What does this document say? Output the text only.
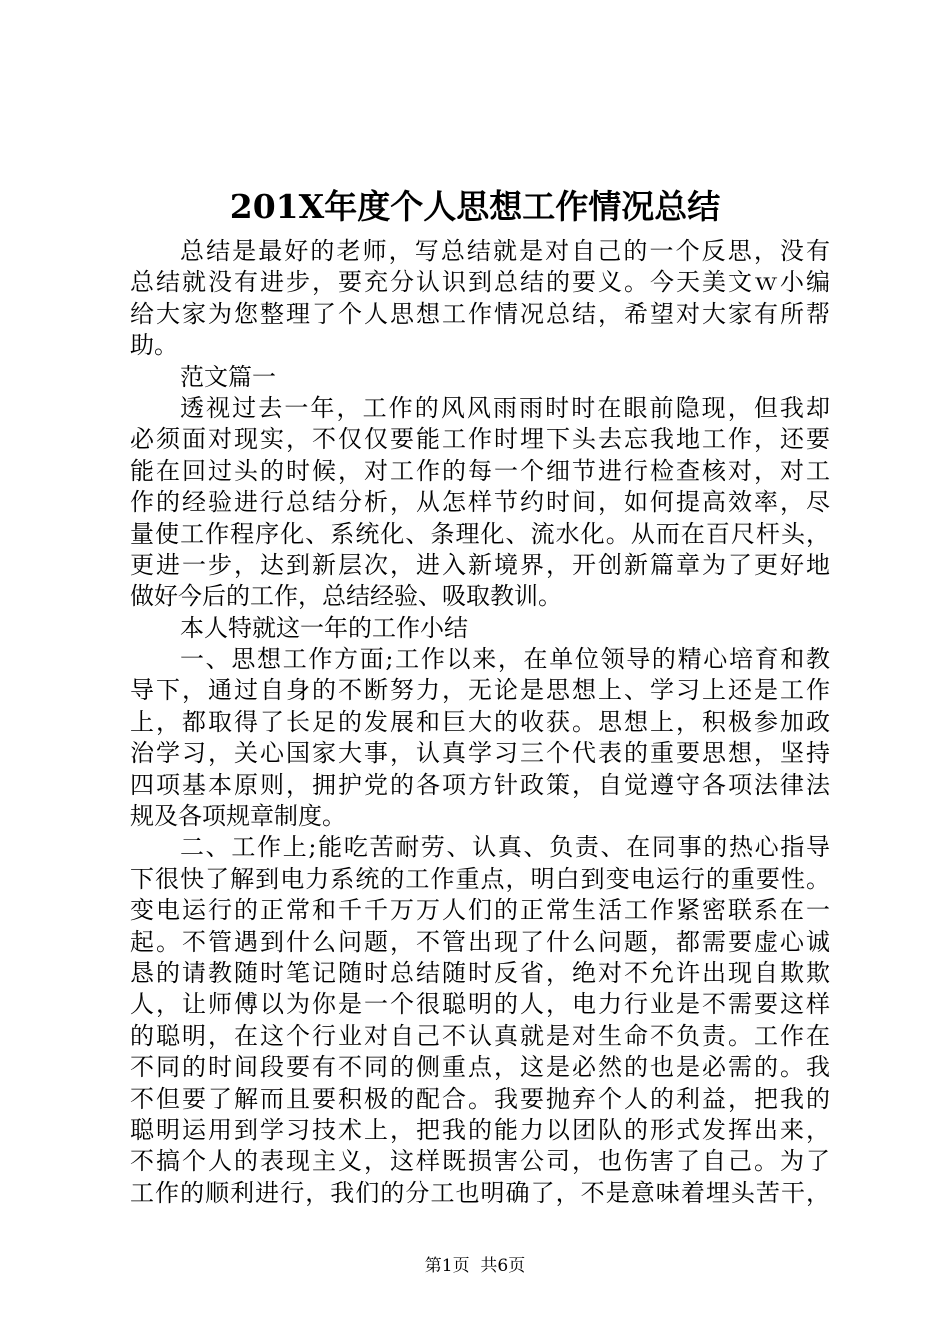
201X年度个人思想工作情况总结
总结是最好的老师，写总结就是对自己的一个反思，没有
总结就没有进步，要充分认识到总结的要义。今天美文ｗ小编
给大家为您整理了个人思想工作情况总结，希望对大家有所帮
助。
范文篇一
透视过去一年，工作的风风雨雨时时在眼前隐现，但我却
必须面对现实，不仅仅要能工作时埋下头去忘我地工作，还要
能在回过头的时候，对工作的每一个细节进行检查核对，对工
作的经验进行总结分析，从怎样节约时间，如何提高效率，尽
量使工作程序化、系统化、条理化、流水化。从而在百尺杆头，
更进一步，达到新层次，进入新境界，开创新篇章为了更好地
做好今后的工作，总结经验、吸取教训。
本人特就这一年的工作小结
一、思想工作方面;工作以来，在单位领导的精心培育和教
导下，通过自身的不断努力，无论是思想上、学习上还是工作
上，都取得了长足的发展和巨大的收获。思想上，积极参加政
治学习，关心国家大事，认真学习三个代表的重要思想，坚持
四项基本原则，拥护党的各项方针政策，自觉遵守各项法律法
规及各项规章制度。
二、工作上;能吃苦耐劳、认真、负责、在同事的热心指导
下很快了解到电力系统的工作重点，明白到变电运行的重要性。
变电运行的正常和千千万万人们的正常生活工作紧密联系在一
起。不管遇到什么问题，不管出现了什么问题，都需要虚心诚
恳的请教随时笔记随时总结随时反省，绝对不允许出现自欺欺
人，让师傅以为你是一个很聪明的人，电力行业是不需要这样
的聪明，在这个行业对自己不认真就是对生命不负责。工作在
不同的时间段要有不同的侧重点，这是必然的也是必需的。我
不但要了解而且要积极的配合。我要抛弃个人的利益，把我的
聪明运用到学习技术上，把我的能力以团队的形式发挥出来，
不搞个人的表现主义，这样既损害公司，也伤害了自己。为了
工作的顺利进行，我们的分工也明确了，不是意味着埋头苦干，
第1页  共6页
